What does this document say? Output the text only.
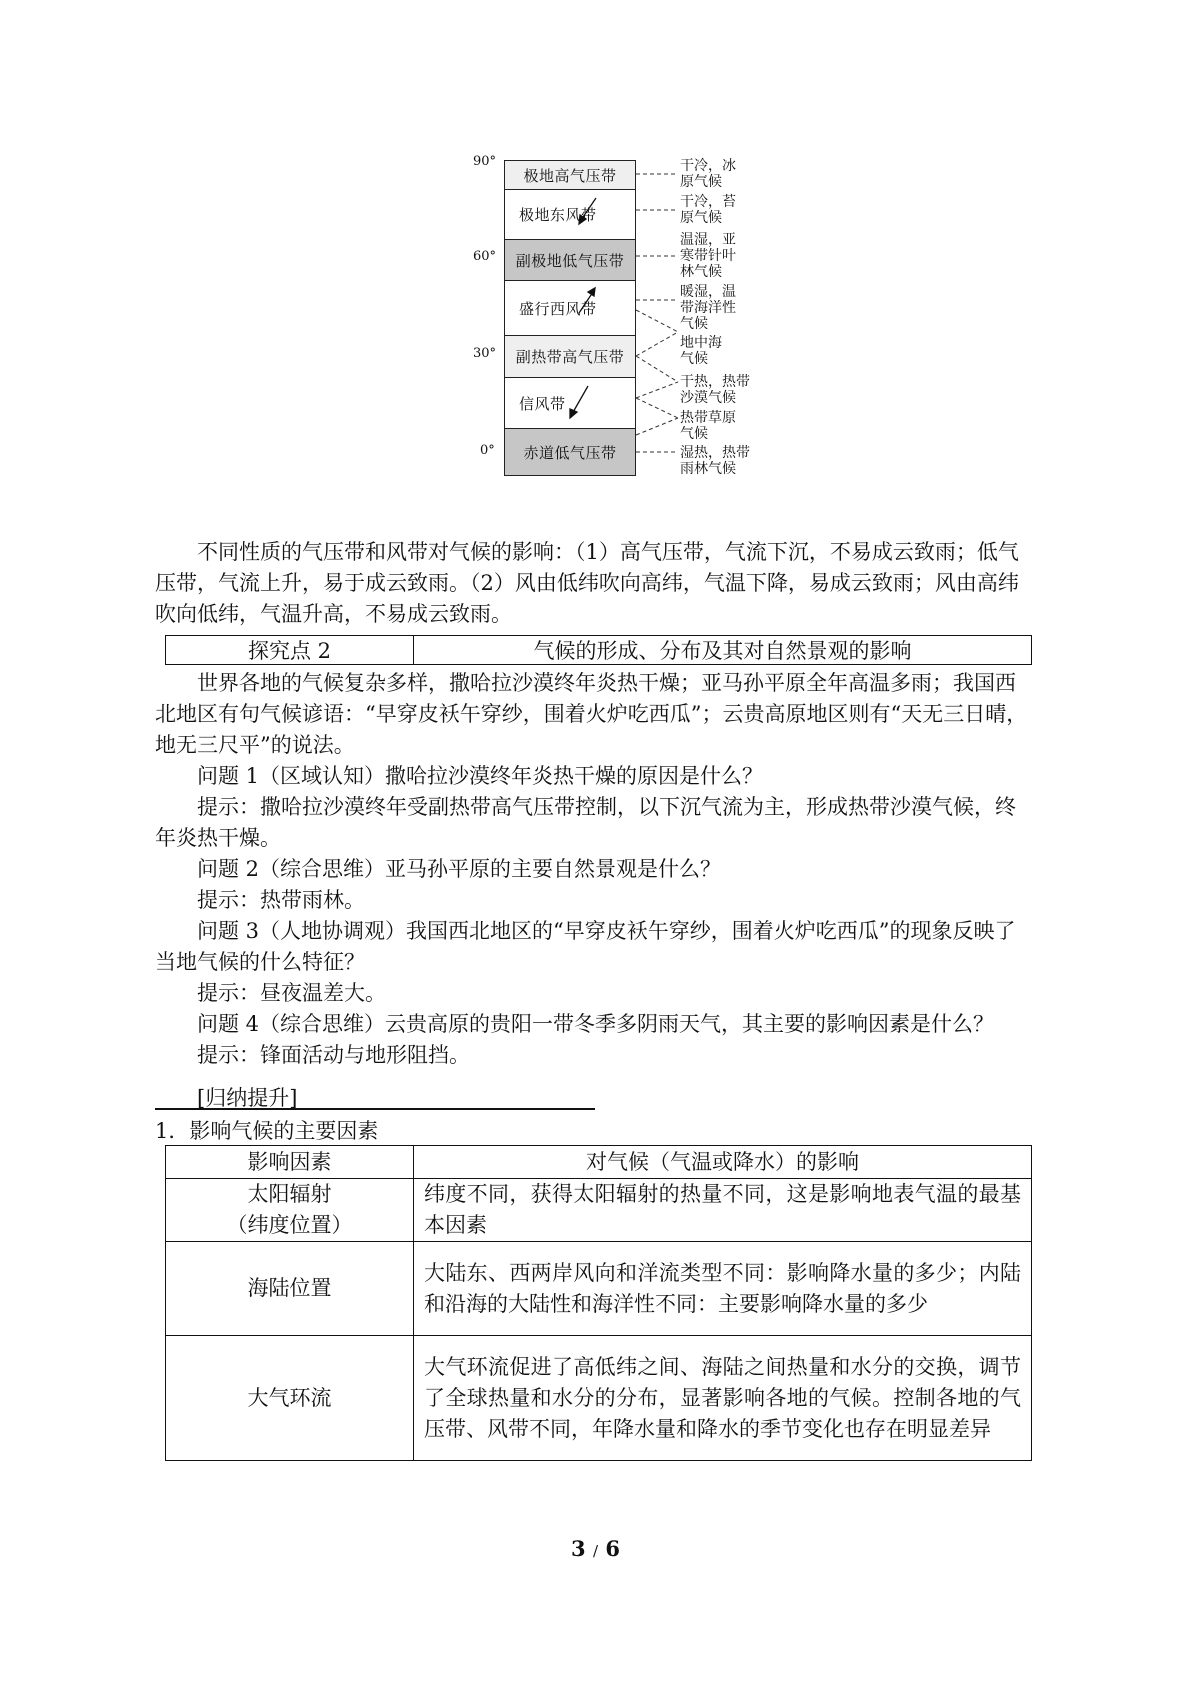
90°
60°
30°
0°
极地高气压带
极地东风带
副极地低气压带
盛行西风带
副热带高气压带
信风带
赤道低气压带
干冷，冰
原气候
干冷，苔
原气候
温湿，亚
寒带针叶
林气候
暖湿，温
带海洋性
气候
地中海
气候
干热，热带
沙漠气候
热带草原
气候
湿热，热带
雨林气候

不同性质的气压带和风带对气候的影响：（1）高气压带，气流下沉，不易成云致雨；低气压带，气流上升，易于成云致雨。（2）风由低纬吹向高纬，气温下降，易成云致雨；风由高纬吹向低纬，气温升高，不易成云致雨。

探究点 2	气候的形成、分布及其对自然景观的影响

世界各地的气候复杂多样，撒哈拉沙漠终年炎热干燥；亚马孙平原全年高温多雨；我国西北地区有句气候谚语：“早穿皮袄午穿纱，围着火炉吃西瓜”；云贵高原地区则有“天无三日晴，地无三尺平”的说法。

问题 1（区域认知）撒哈拉沙漠终年炎热干燥的原因是什么？

提示：撒哈拉沙漠终年受副热带高气压带控制，以下沉气流为主，形成热带沙漠气候，终年炎热干燥。

问题 2（综合思维）亚马孙平原的主要自然景观是什么？

提示：热带雨林。

问题 3（人地协调观）我国西北地区的“早穿皮袄午穿纱，围着火炉吃西瓜”的现象反映了当地气候的什么特征？

提示：昼夜温差大。

问题 4（综合思维）云贵高原的贵阳一带冬季多阴雨天气，其主要的影响因素是什么？

提示：锋面活动与地形阻挡。

[归纳提升]
1．影响气候的主要因素
影响因素	对气候（气温或降水）的影响
太阳辐射
（纬度位置）	纬度不同，获得太阳辐射的热量不同，这是影响地表气温的最基本因素
海陆位置	大陆东、西两岸风向和洋流类型不同：影响降水量的多少；内陆和沿海的大陆性和海洋性不同：主要影响降水量的多少
大气环流	大气环流促进了高低纬之间、海陆之间热量和水分的交换，调节了全球热量和水分的分布，显著影响各地的气候。控制各地的气压带、风带不同，年降水量和降水的季节变化也存在明显差异
3 / 6
